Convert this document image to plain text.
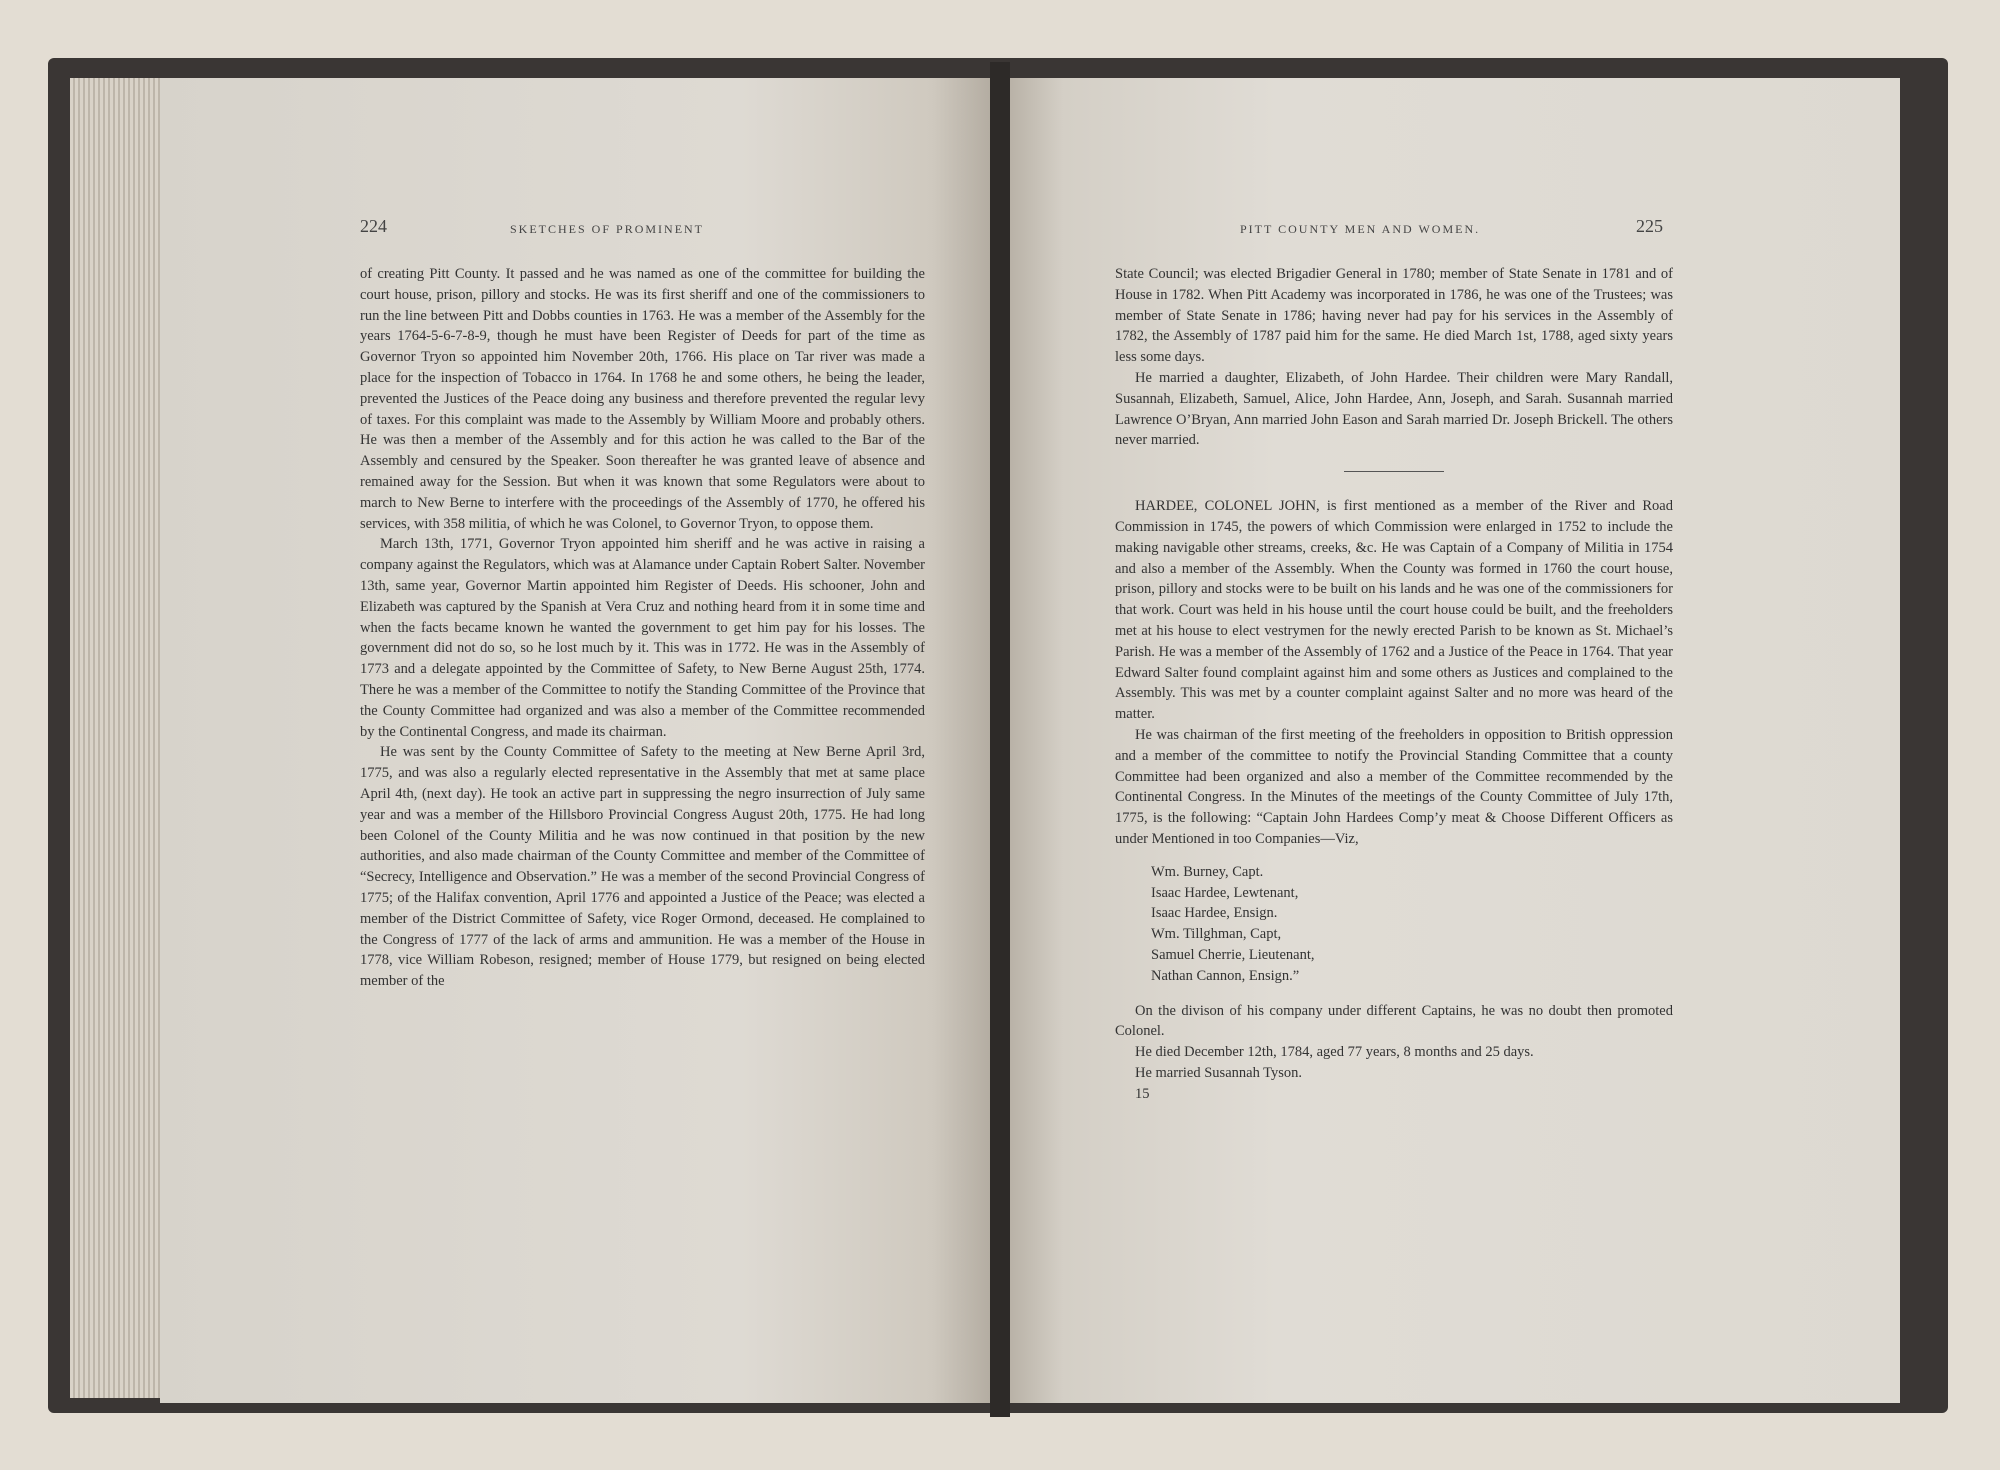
224	SKETCHES OF PROMINENT	PITT COUNTY MEN AND WOMEN.	225

of creating Pitt County. It passed and he was named as one of the committee for building the court house, prison, pillory and stocks. He was its first sheriff and one of the commissioners to run the line between Pitt and Dobbs counties in 1763. He was a member of the Assembly for the years 1764-5-6-7-8-9, though he must have been Register of Deeds for part of the time as Governor Tryon so appointed him November 20th, 1766. His place on Tar river was made a place for the inspection of Tobacco in 1764. In 1768 he and some others, he being the leader, prevented the Justices of the Peace doing any business and therefore prevented the regular levy of taxes. For this complaint was made to the Assembly by William Moore and probably others. He was then a member of the Assembly and for this action he was called to the Bar of the Assembly and censured by the Speaker. Soon thereafter he was granted leave of absence and remained away for the Session. But when it was known that some Regulators were about to march to New Berne to interfere with the proceedings of the Assembly of 1770, he offered his services, with 358 militia, of which he was Colonel, to Governor Tryon, to oppose them.

March 13th, 1771, Governor Tryon appointed him sheriff and he was active in raising a company against the Regulators, which was at Alamance under Captain Robert Salter. November 13th, same year, Governor Martin appointed him Register of Deeds. His schooner, John and Elizabeth was captured by the Spanish at Vera Cruz and nothing heard from it in some time and when the facts became known he wanted the government to get him pay for his losses. The government did not do so, so he lost much by it. This was in 1772. He was in the Assembly of 1773 and a delegate appointed by the Committee of Safety, to New Berne August 25th, 1774. There he was a member of the Committee to notify the Standing Committee of the Province that the County Committee had organized and was also a member of the Committee recommended by the Continental Congress, and made its chairman.

He was sent by the County Committee of Safety to the meeting at New Berne April 3rd, 1775, and was also a regularly elected representative in the Assembly that met at same place April 4th, (next day). He took an active part in suppressing the negro insurrection of July same year and was a member of the Hillsboro Provincial Congress August 20th, 1775. He had long been Colonel of the County Militia and he was now continued in that position by the new authorities, and also made chairman of the County Committee and member of the Committee of “Secrecy, Intelligence and Observation.” He was a member of the second Provincial Congress of 1775; of the Halifax convention, April 1776 and appointed a Justice of the Peace; was elected a member of the District Committee of Safety, vice Roger Ormond, deceased. He complained to the Congress of 1777 of the lack of arms and ammunition. He was a member of the House in 1778, vice William Robeson, resigned; member of House 1779, but resigned on being elected member of the

State Council; was elected Brigadier General in 1780; member of State Senate in 1781 and of House in 1782. When Pitt Academy was incorporated in 1786, he was one of the Trustees; was member of State Senate in 1786; having never had pay for his services in the Assembly of 1782, the Assembly of 1787 paid him for the same. He died March 1st, 1788, aged sixty years less some days.

He married a daughter, Elizabeth, of John Hardee. Their children were Mary Randall, Susannah, Elizabeth, Samuel, Alice, John Hardee, Ann, Joseph, and Sarah. Susannah married Lawrence O’Bryan, Ann married John Eason and Sarah married Dr. Joseph Brickell. The others never married.

HARDEE, COLONEL JOHN, is first mentioned as a member of the River and Road Commission in 1745, the powers of which Commission were enlarged in 1752 to include the making navigable other streams, creeks, &c. He was Captain of a Company of Militia in 1754 and also a member of the Assembly. When the County was formed in 1760 the court house, prison, pillory and stocks were to be built on his lands and he was one of the commissioners for that work. Court was held in his house until the court house could be built, and the freeholders met at his house to elect vestrymen for the newly erected Parish to be known as St. Michael’s Parish. He was a member of the Assembly of 1762 and a Justice of the Peace in 1764. That year Edward Salter found complaint against him and some others as Justices and complained to the Assembly. This was met by a counter complaint against Salter and no more was heard of the matter.

He was chairman of the first meeting of the freeholders in opposition to British oppression and a member of the committee to notify the Provincial Standing Committee that a county Committee had been organized and also a member of the Committee recommended by the Continental Congress. In the Minutes of the meetings of the County Committee of July 17th, 1775, is the following: “Captain John Hardees Comp’y meat & Choose Different Officers as under Mentioned in too Companies—Viz,

Wm. Burney, Capt.
Isaac Hardee, Lewtenant,
Isaac Hardee, Ensign.
Wm. Tillghman, Capt,
Samuel Cherrie, Lieutenant,
Nathan Cannon, Ensign.”

On the divison of his company under different Captains, he was no doubt then promoted Colonel.

He died December 12th, 1784, aged 77 years, 8 months and 25 days.

He married Susannah Tyson.

15
